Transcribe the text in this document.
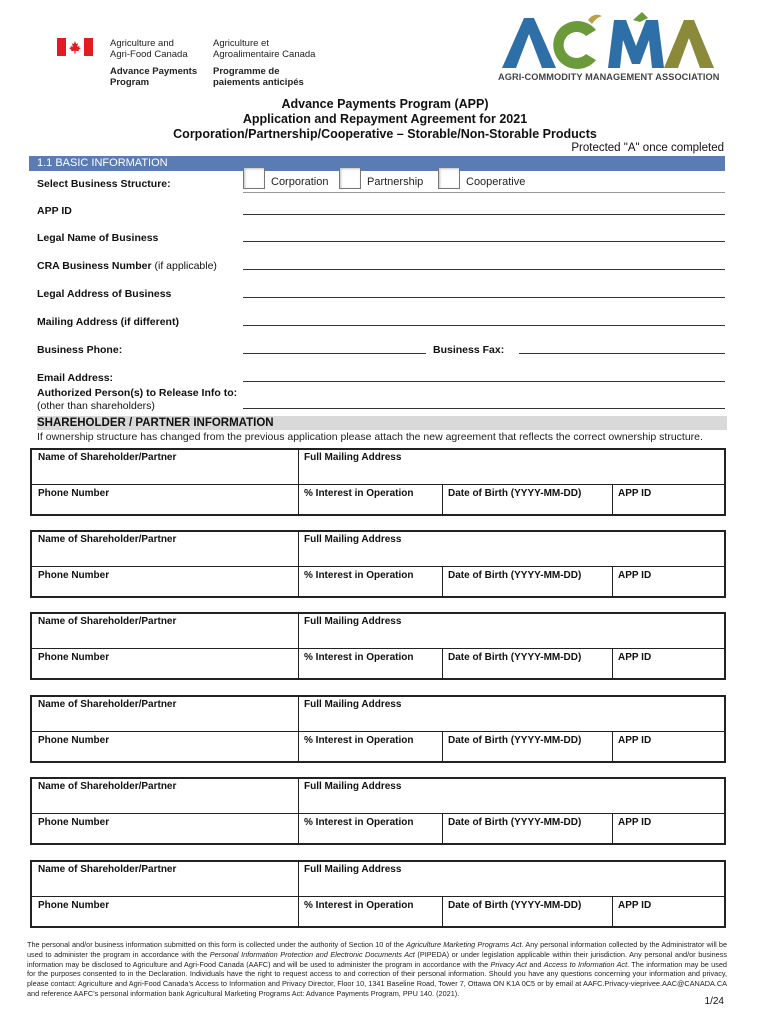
Agriculture and
Agri-Food Canada
Agriculture et
Agroalimentaire Canada
Advance Payments
Program
Programme de
paiements anticipés	AGRI-COMMODITY MANAGEMENT ASSOCIATION
Advance Payments Program (APP)
Application and Repayment Agreement for 2021
Corporation/Partnership/Cooperative – Storable/Non-Storable Products
Protected "A" once completed
1.1 BASIC INFORMATION
Select Business Structure:	Corporation	Partnership	Cooperative
APP ID
Legal Name of Business
CRA Business Number (if applicable)
Legal Address of Business
Mailing Address (if different)
Business Phone:	Business Fax:
Email Address:
Authorized Person(s) to Release Info to:
(other than shareholders)
SHAREHOLDER / PARTNER INFORMATION
If ownership structure has changed from the previous application please attach the new agreement that reflects the correct ownership structure.
Name of Shareholder/Partner	Full Mailing Address
Phone Number	% Interest in Operation	Date of Birth (YYYY-MM-DD)	APP ID
Name of Shareholder/Partner	Full Mailing Address
Phone Number	% Interest in Operation	Date of Birth (YYYY-MM-DD)	APP ID
Name of Shareholder/Partner	Full Mailing Address
Phone Number	% Interest in Operation	Date of Birth (YYYY-MM-DD)	APP ID
Name of Shareholder/Partner	Full Mailing Address
Phone Number	% Interest in Operation	Date of Birth (YYYY-MM-DD)	APP ID
Name of Shareholder/Partner	Full Mailing Address
Phone Number	% Interest in Operation	Date of Birth (YYYY-MM-DD)	APP ID
Name of Shareholder/Partner	Full Mailing Address
Phone Number	% Interest in Operation	Date of Birth (YYYY-MM-DD)	APP ID
The personal and/or business information submitted on this form is collected under the authority of Section 10 of the Agriculture Marketing Programs Act. Any personal information collected by the Administrator will be used to administer the program in accordance with the Personal Information Protection and Electronic Documents Act (PIPEDA) or under legislation applicable within their jurisdiction. Any personal and/or business information may be disclosed to Agriculture and Agri-Food Canada (AAFC) and will be used to administer the program in accordance with the Privacy Act and Access to Information Act. The information may be used for the purposes consented to in the Declaration. Individuals have the right to request access to and correction of their personal information. Should you have any questions concerning your information and privacy, please contact: Agriculture and Agri-Food Canada’s Access to Information and Privacy Director, Floor 10, 1341 Baseline Road, Tower 7, Ottawa ON K1A 0C5 or by email at AAFC.Privacy-vieprivee.AAC@CANADA.CA and reference AAFC’s personal information bank Agricultural Marketing Programs Act: Advance Payments Program, PPU 140. (2021).
1/24
